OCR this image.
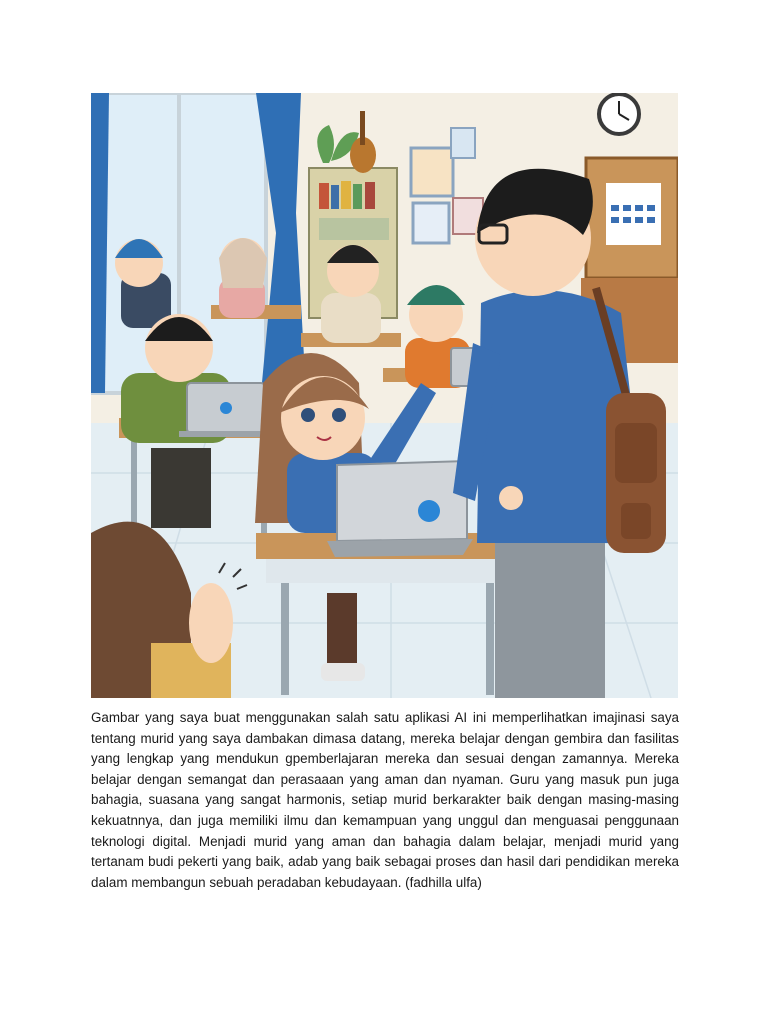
Gambar yang saya buat menggunakan salah satu aplikasi AI ini memperlihatkan imajinasi saya tentang murid yang saya dambakan dimasa datang, mereka belajar dengan gembira dan fasilitas yang lengkap yang mendukun gpemberlajaran mereka dan sesuai dengan zamannya. Mereka belajar dengan semangat dan perasaaan yang aman dan nyaman. Guru yang masuk pun juga bahagia, suasana yang sangat harmonis, setiap murid berkarakter baik dengan masing-masing kekuatnnya, dan juga memiliki ilmu dan kemampuan yang unggul dan menguasai penggunaan teknologi digital. Menjadi murid yang aman dan bahagia dalam belajar, menjadi murid yang tertanam budi pekerti yang baik, adab yang baik sebagai proses dan hasil dari pendidikan mereka dalam membangun sebuah peradaban kebudayaan. (fadhilla ulfa)
